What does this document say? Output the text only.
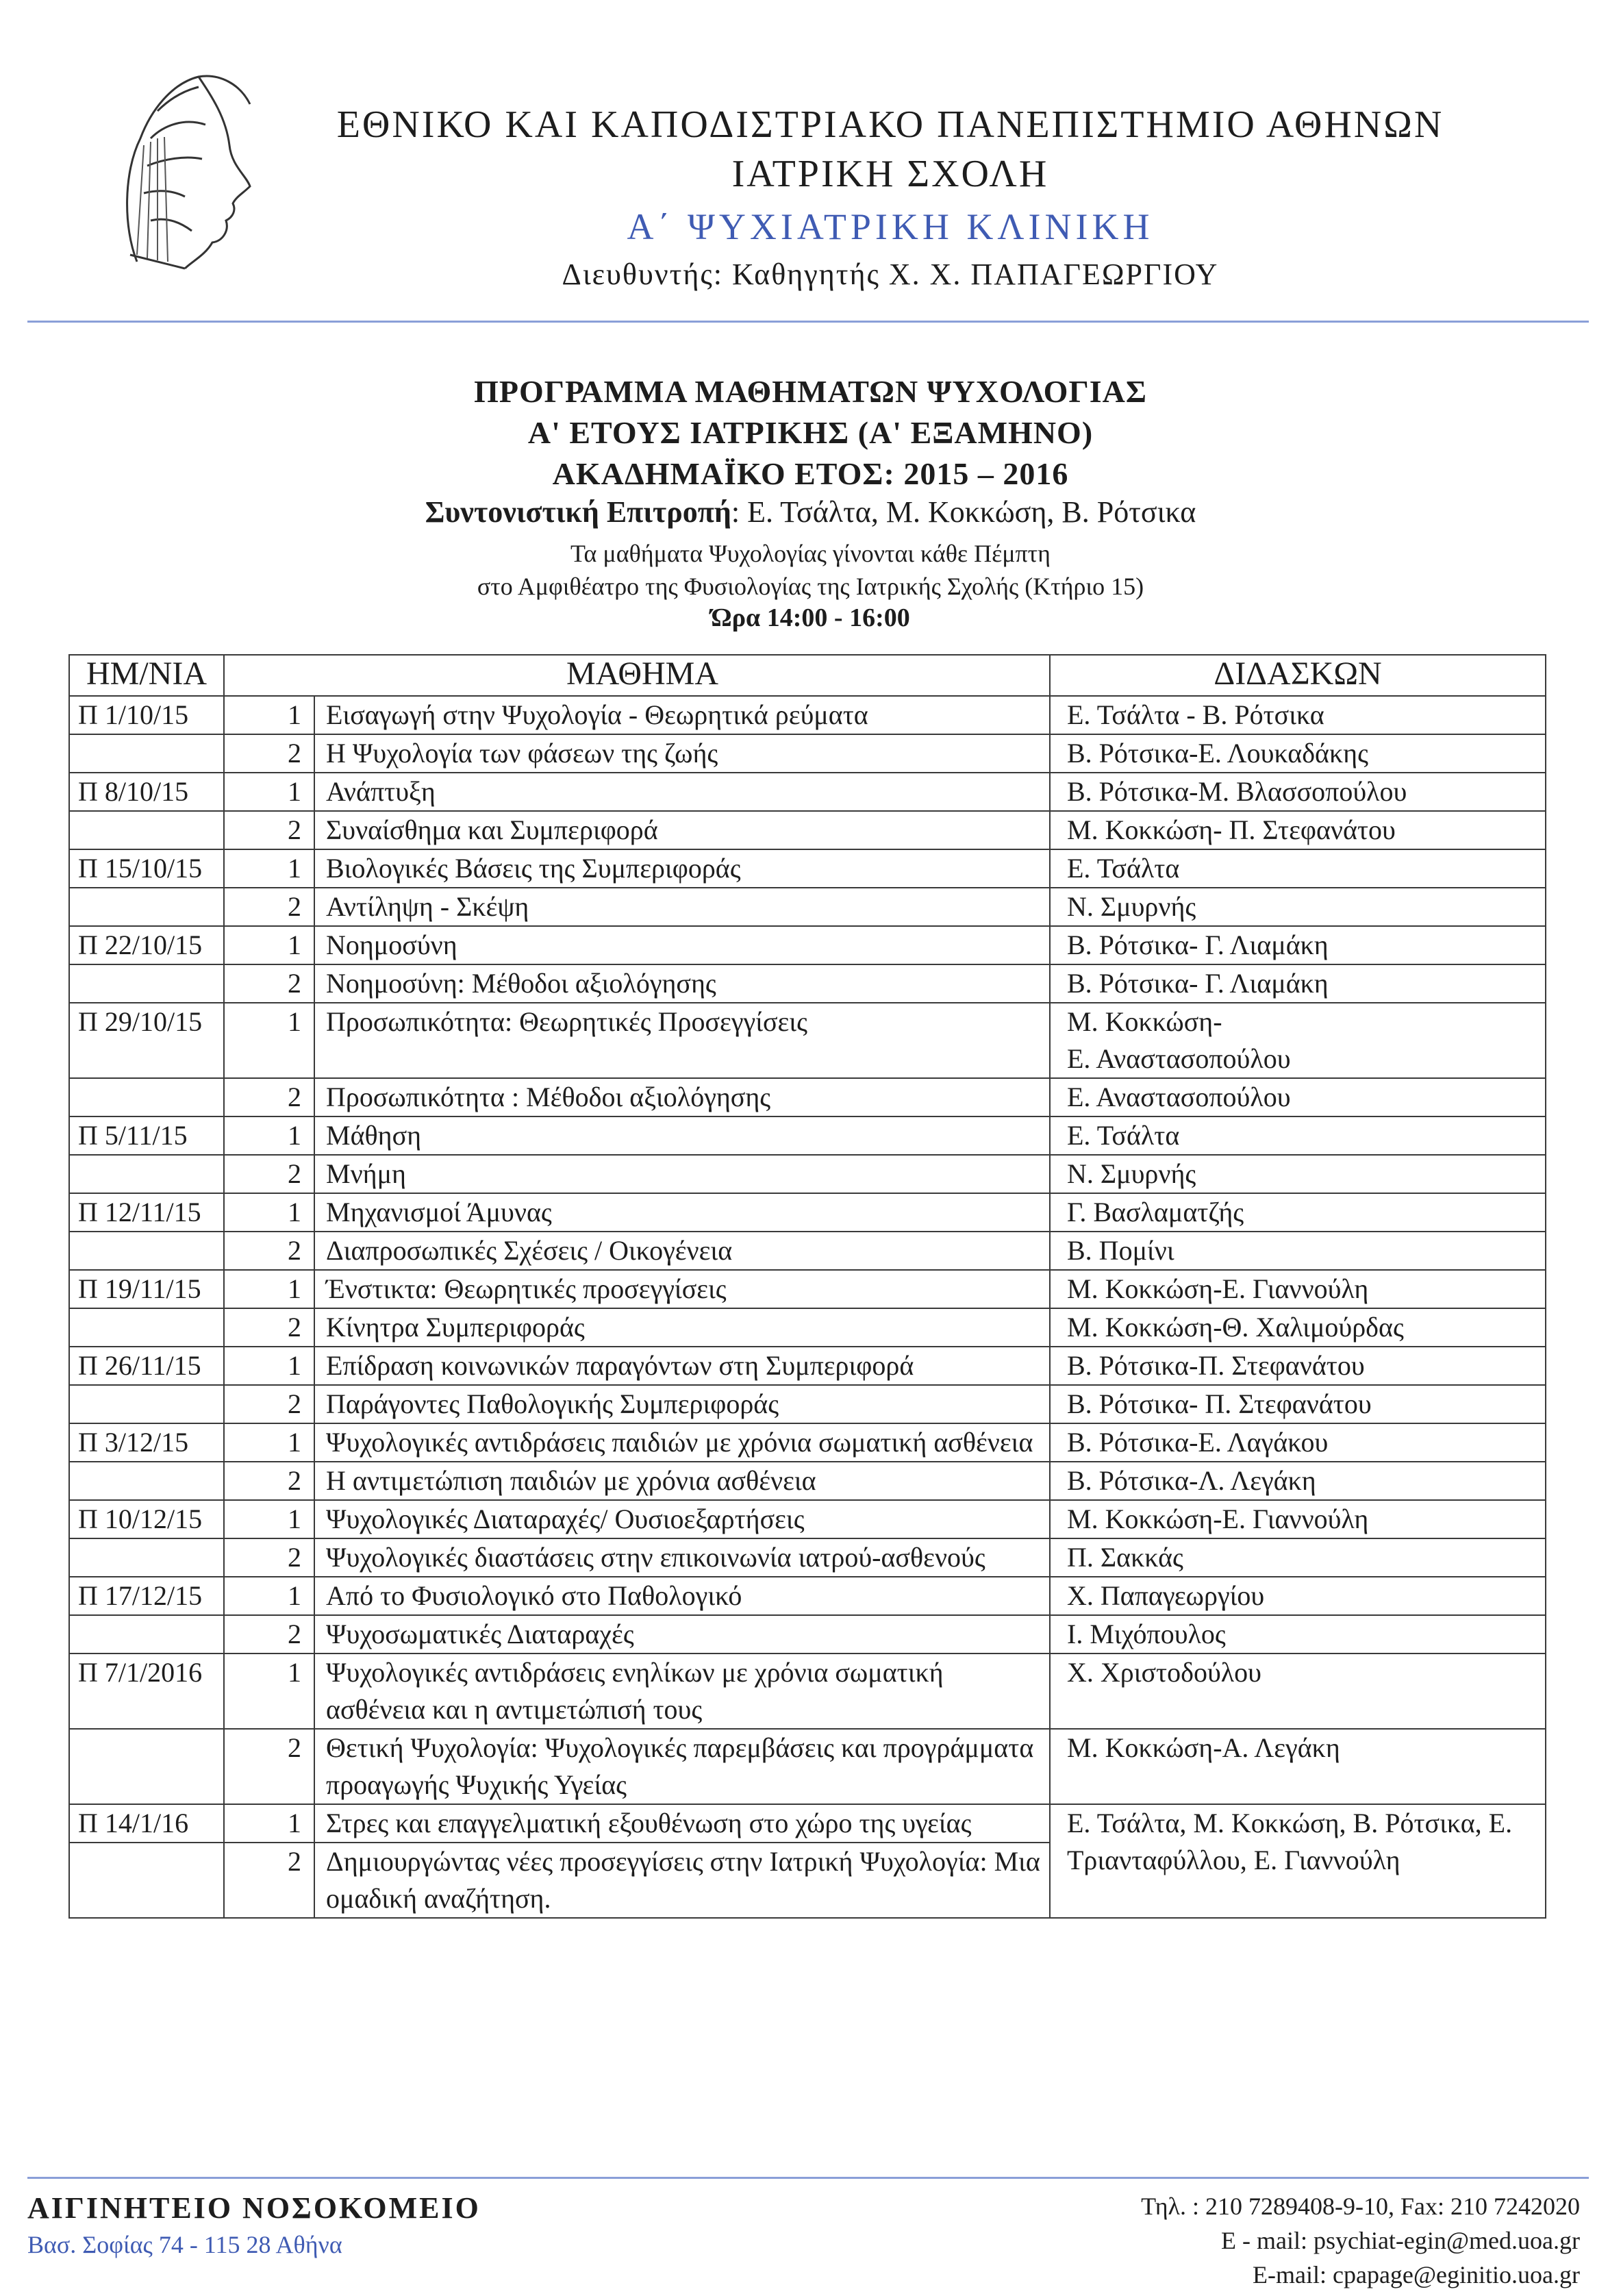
ΕΘΝΙΚΟ ΚΑΙ ΚΑΠΟΔΙΣΤΡΙΑΚΟ ΠΑΝΕΠΙΣΤΗΜΙΟ ΑΘΗΝΩΝ
ΙΑΤΡΙΚΗ ΣΧΟΛΗ
Α΄ ΨΥΧΙΑΤΡΙΚΗ ΚΛΙΝΙΚΗ
Διευθυντής: Καθηγητής Χ. Χ. ΠΑΠΑΓΕΩΡΓΙΟΥ
ΠΡΟΓΡΑΜΜΑ ΜΑΘΗΜΑΤΩΝ ΨΥΧΟΛΟΓΙΑΣ
Α' ΕΤΟΥΣ ΙΑΤΡΙΚΗΣ (Α' ΕΞΑΜΗΝΟ)
ΑΚΑΔΗΜΑΪΚΟ ΕΤΟΣ: 2015 – 2016
Συντονιστική Επιτροπή: Ε. Τσάλτα, Μ. Κοκκώση, Β. Ρότσικα
Τα μαθήματα Ψυχολογίας γίνονται κάθε Πέμπτη
στο Αμφιθέατρο της Φυσιολογίας της Ιατρικής Σχολής (Κτήριο 15)
Ώρα 14:00 - 16:00
ΗΜ/ΝΙΑ	ΜΑΘΗΜΑ		ΔΙΔΑΣΚΩΝ
Π 1/10/15	1	Εισαγωγή στην Ψυχολογία - Θεωρητικά ρεύματα	Ε. Τσάλτα - Β. Ρότσικα
	2	Η Ψυχολογία των φάσεων της ζωής	Β. Ρότσικα-Ε. Λουκαδάκης
Π 8/10/15	1	Ανάπτυξη	Β. Ρότσικα-Μ. Βλασσοπούλου
	2	Συναίσθημα και Συμπεριφορά	Μ. Κοκκώση- Π. Στεφανάτου
Π 15/10/15	1	Βιολογικές Βάσεις της Συμπεριφοράς	Ε. Τσάλτα
	2	Αντίληψη - Σκέψη	Ν. Σμυρνής
Π 22/10/15	1	Νοημοσύνη	Β. Ρότσικα- Γ. Λιαμάκη
	2	Νοημοσύνη: Μέθοδοι αξιολόγησης	Β. Ρότσικα- Γ. Λιαμάκη
Π 29/10/15	1	Προσωπικότητα: Θεωρητικές Προσεγγίσεις	Μ. Κοκκώση-
Ε. Αναστασοπούλου
	2	Προσωπικότητα : Μέθοδοι αξιολόγησης	Ε. Αναστασοπούλου
Π 5/11/15	1	Μάθηση	Ε. Τσάλτα
	2	Μνήμη	Ν. Σμυρνής
Π 12/11/15	1	Μηχανισμοί Άμυνας	Γ. Βασλαματζής
	2	Διαπροσωπικές Σχέσεις / Οικογένεια	Β. Πομίνι
Π 19/11/15	1	Ένστικτα: Θεωρητικές προσεγγίσεις	Μ. Κοκκώση-Ε. Γιαννούλη
	2	Κίνητρα Συμπεριφοράς	Μ. Κοκκώση-Θ. Χαλιμούρδας
Π 26/11/15	1	Επίδραση κοινωνικών παραγόντων στη Συμπεριφορά	Β. Ρότσικα-Π. Στεφανάτου
	2	Παράγοντες Παθολογικής Συμπεριφοράς	Β. Ρότσικα- Π. Στεφανάτου
Π 3/12/15	1	Ψυχολογικές αντιδράσεις παιδιών με χρόνια σωματική ασθένεια	Β. Ρότσικα-Ε. Λαγάκου
	2	Η αντιμετώπιση παιδιών με χρόνια ασθένεια	Β. Ρότσικα-Λ. Λεγάκη
Π 10/12/15	1	Ψυχολογικές Διαταραχές/ Ουσιοεξαρτήσεις	Μ. Κοκκώση-Ε. Γιαννούλη
	2	Ψυχολογικές διαστάσεις στην επικοινωνία ιατρού-ασθενούς	Π. Σακκάς
Π 17/12/15	1	Από το Φυσιολογικό στο Παθολογικό	Χ. Παπαγεωργίου
	2	Ψυχοσωματικές Διαταραχές	Ι. Μιχόπουλος
Π 7/1/2016	1	Ψυχολογικές αντιδράσεις ενηλίκων με χρόνια σωματική ασθένεια και η αντιμετώπισή τους	Χ. Χριστοδούλου
	2	Θετική Ψυχολογία: Ψυχολογικές παρεμβάσεις και προγράμματα προαγωγής Ψυχικής Υγείας	Μ. Κοκκώση-Α. Λεγάκη
Π 14/1/16	1	Στρες και επαγγελματική εξουθένωση στο χώρο της υγείας	Ε. Τσάλτα, Μ. Κοκκώση, Β. Ρότσικα, Ε. Τριανταφύλλου, Ε. Γιαννούλη
	2	Δημιουργώντας νέες προσεγγίσεις στην Ιατρική Ψυχολογία: Μια ομαδική αναζήτηση.	
ΑΙΓΙΝΗΤΕΙΟ ΝΟΣΟΚΟΜΕΙΟ
Βασ. Σοφίας 74 - 115 28 Αθήνα
Τηλ. : 210 7289408-9-10, Fax: 210 7242020
E - mail: psychiat-egin@med.uoa.gr
E-mail: cpapage@eginitio.uoa.gr
